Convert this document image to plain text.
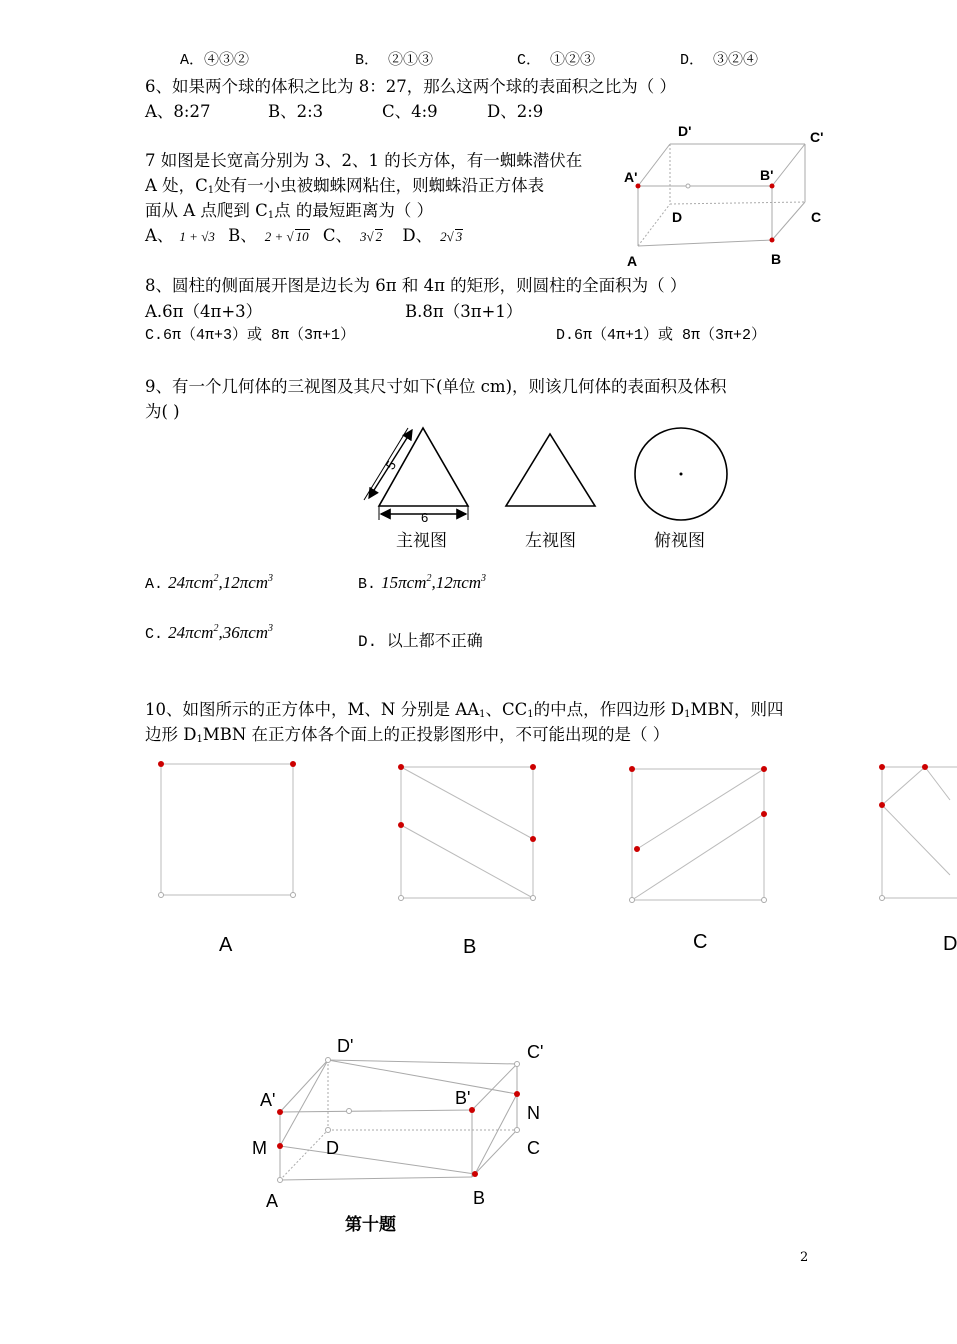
A．④③②	B． ②①③	C． ①②③	D． ③②④
6、如果两个球的体积之比为 8：27，那么这两个球的表面积之比为（ ）
A、8:27	B、2:3	C、4:9	D、2:9
7 如图是长宽高分别为 3、2、1 的长方体，有一蜘蛛潜伏在
A 处，$C_1$处有一小虫被蜘蛛网粘住，则蜘蛛沿正方体表
面从 A 点爬到 $C_1$点 的最短距离为（ ）
A、 1 + √3 B、 2 + √ 10 C、 3√ 2 D、 2√ 3
D'	C'
A'	B'
D	C
A	B
8、圆柱的侧面展开图是边长为 6π 和 4π 的矩形，则圆柱的全面积为（ ）
A.6π（4π+3）	B.8π（3π+1）
C.6π（4π+3）或 8π（3π+1）	D.6π（4π+1）或 8π（3π+2）
9、有一个几何体的三视图及其尺寸如下(单位 cm)，则该几何体的表面积及体积
为( )
5
6
主视图	左视图	俯视图
A. 24πcm$^2$,12πcm$^3$	B. 15πcm$^2$,12πcm$^3$
C. 24πcm$^2$,36πcm$^3$
D. 以上都不正确
10、如图所示的正方体中，M、N 分别是 $AA_1$、$CC_1$的中点，作四边形 $D_1MBN$，则四
边形 $D_1MBN$ 在正方体各个面上的正投影图形中，不可能出现的是（ ）
A	B	C	D
D'	C'
A'	B'
N
M	D	C
A	B
第十题
2
